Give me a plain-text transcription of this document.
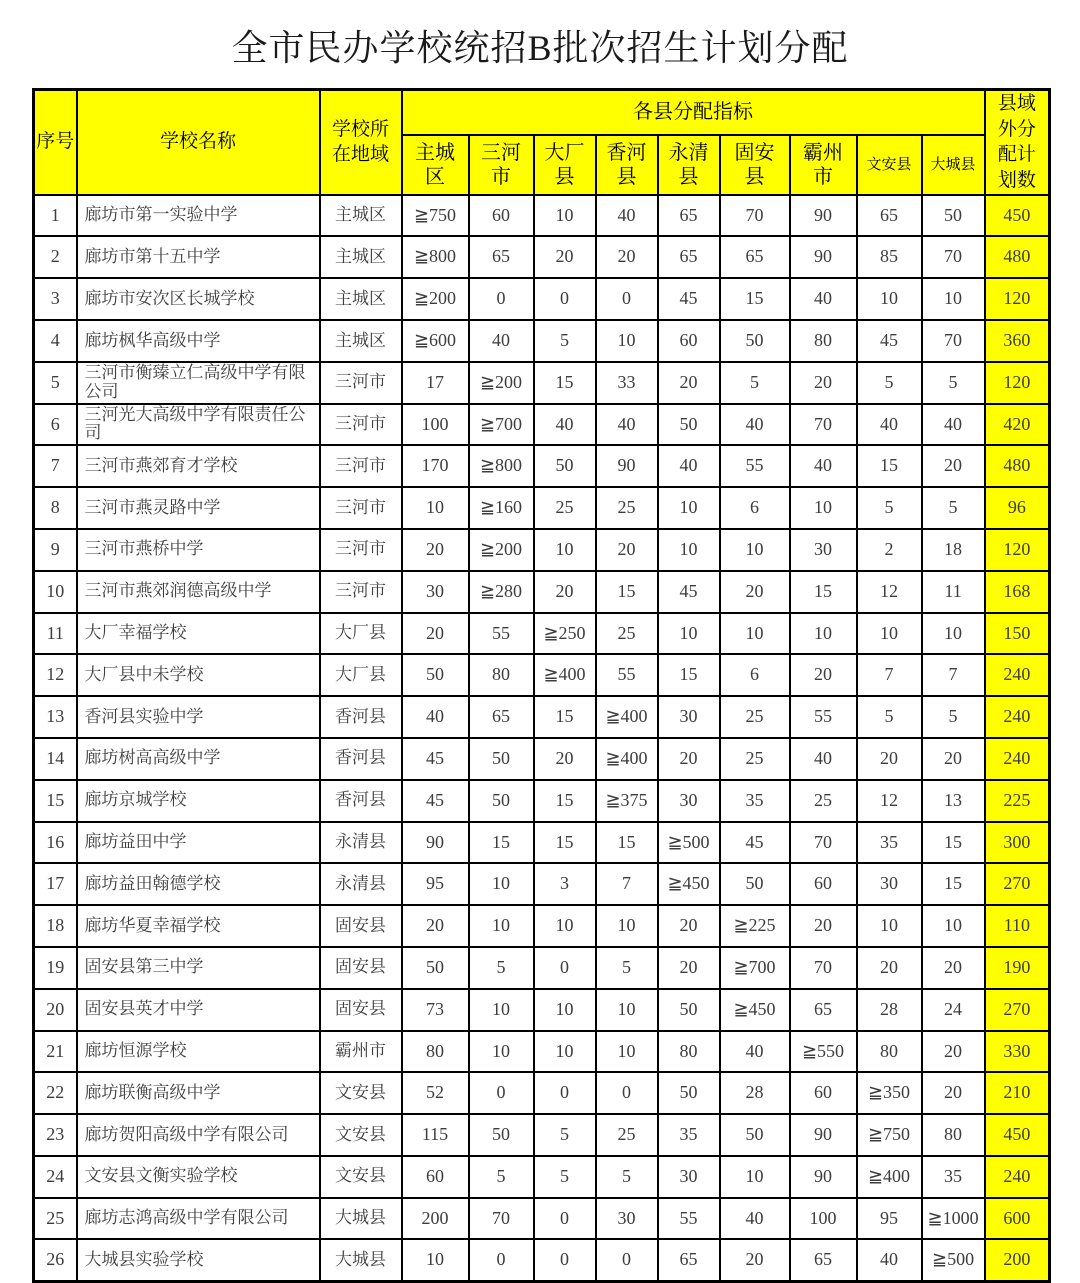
全市民办学校统招B批次招生计划分配
序号	学校名称	学校所在地域	各县分配指标									县域外分配计划数
			主城区	三河市	大厂县	香河县	永清县	固安县	霸州市	文安县	大城县	
1	廊坊市第一实验中学	主城区	≧750	60	10	40	65	70	90	65	50	450
2	廊坊市第十五中学	主城区	≧800	65	20	20	65	65	90	85	70	480
3	廊坊市安次区长城学校	主城区	≧200	0	0	0	45	15	40	10	10	120
4	廊坊枫华高级中学	主城区	≧600	40	5	10	60	50	80	45	70	360
5	三河市衡臻立仁高级中学有限公司	三河市	17	≧200	15	33	20	5	20	5	5	120
6	三河光大高级中学有限责任公司	三河市	100	≧700	40	40	50	40	70	40	40	420
7	三河市燕郊育才学校	三河市	170	≧800	50	90	40	55	40	15	20	480
8	三河市燕灵路中学	三河市	10	≧160	25	25	10	6	10	5	5	96
9	三河市燕桥中学	三河市	20	≧200	10	20	10	10	30	2	18	120
10	三河市燕郊润德高级中学	三河市	30	≧280	20	15	45	20	15	12	11	168
11	大厂幸福学校	大厂县	20	55	≧250	25	10	10	10	10	10	150
12	大厂县中未学校	大厂县	50	80	≧400	55	15	6	20	7	7	240
13	香河县实验中学	香河县	40	65	15	≧400	30	25	55	5	5	240
14	廊坊树高高级中学	香河县	45	50	20	≧400	20	25	40	20	20	240
15	廊坊京城学校	香河县	45	50	15	≧375	30	35	25	12	13	225
16	廊坊益田中学	永清县	90	15	15	15	≧500	45	70	35	15	300
17	廊坊益田翰德学校	永清县	95	10	3	7	≧450	50	60	30	15	270
18	廊坊华夏幸福学校	固安县	20	10	10	10	20	≧225	20	10	10	110
19	固安县第三中学	固安县	50	5	0	5	20	≧700	70	20	20	190
20	固安县英才中学	固安县	73	10	10	10	50	≧450	65	28	24	270
21	廊坊恒源学校	霸州市	80	10	10	10	80	40	≧550	80	20	330
22	廊坊联衡高级中学	文安县	52	0	0	0	50	28	60	≧350	20	210
23	廊坊贺阳高级中学有限公司	文安县	115	50	5	25	35	50	90	≧750	80	450
24	文安县文衡实验学校	文安县	60	5	5	5	30	10	90	≧400	35	240
25	廊坊志鸿高级中学有限公司	大城县	200	70	0	30	55	40	100	95	≧1000	600
26	大城县实验学校	大城县	10	0	0	0	65	20	65	40	≧500	200
